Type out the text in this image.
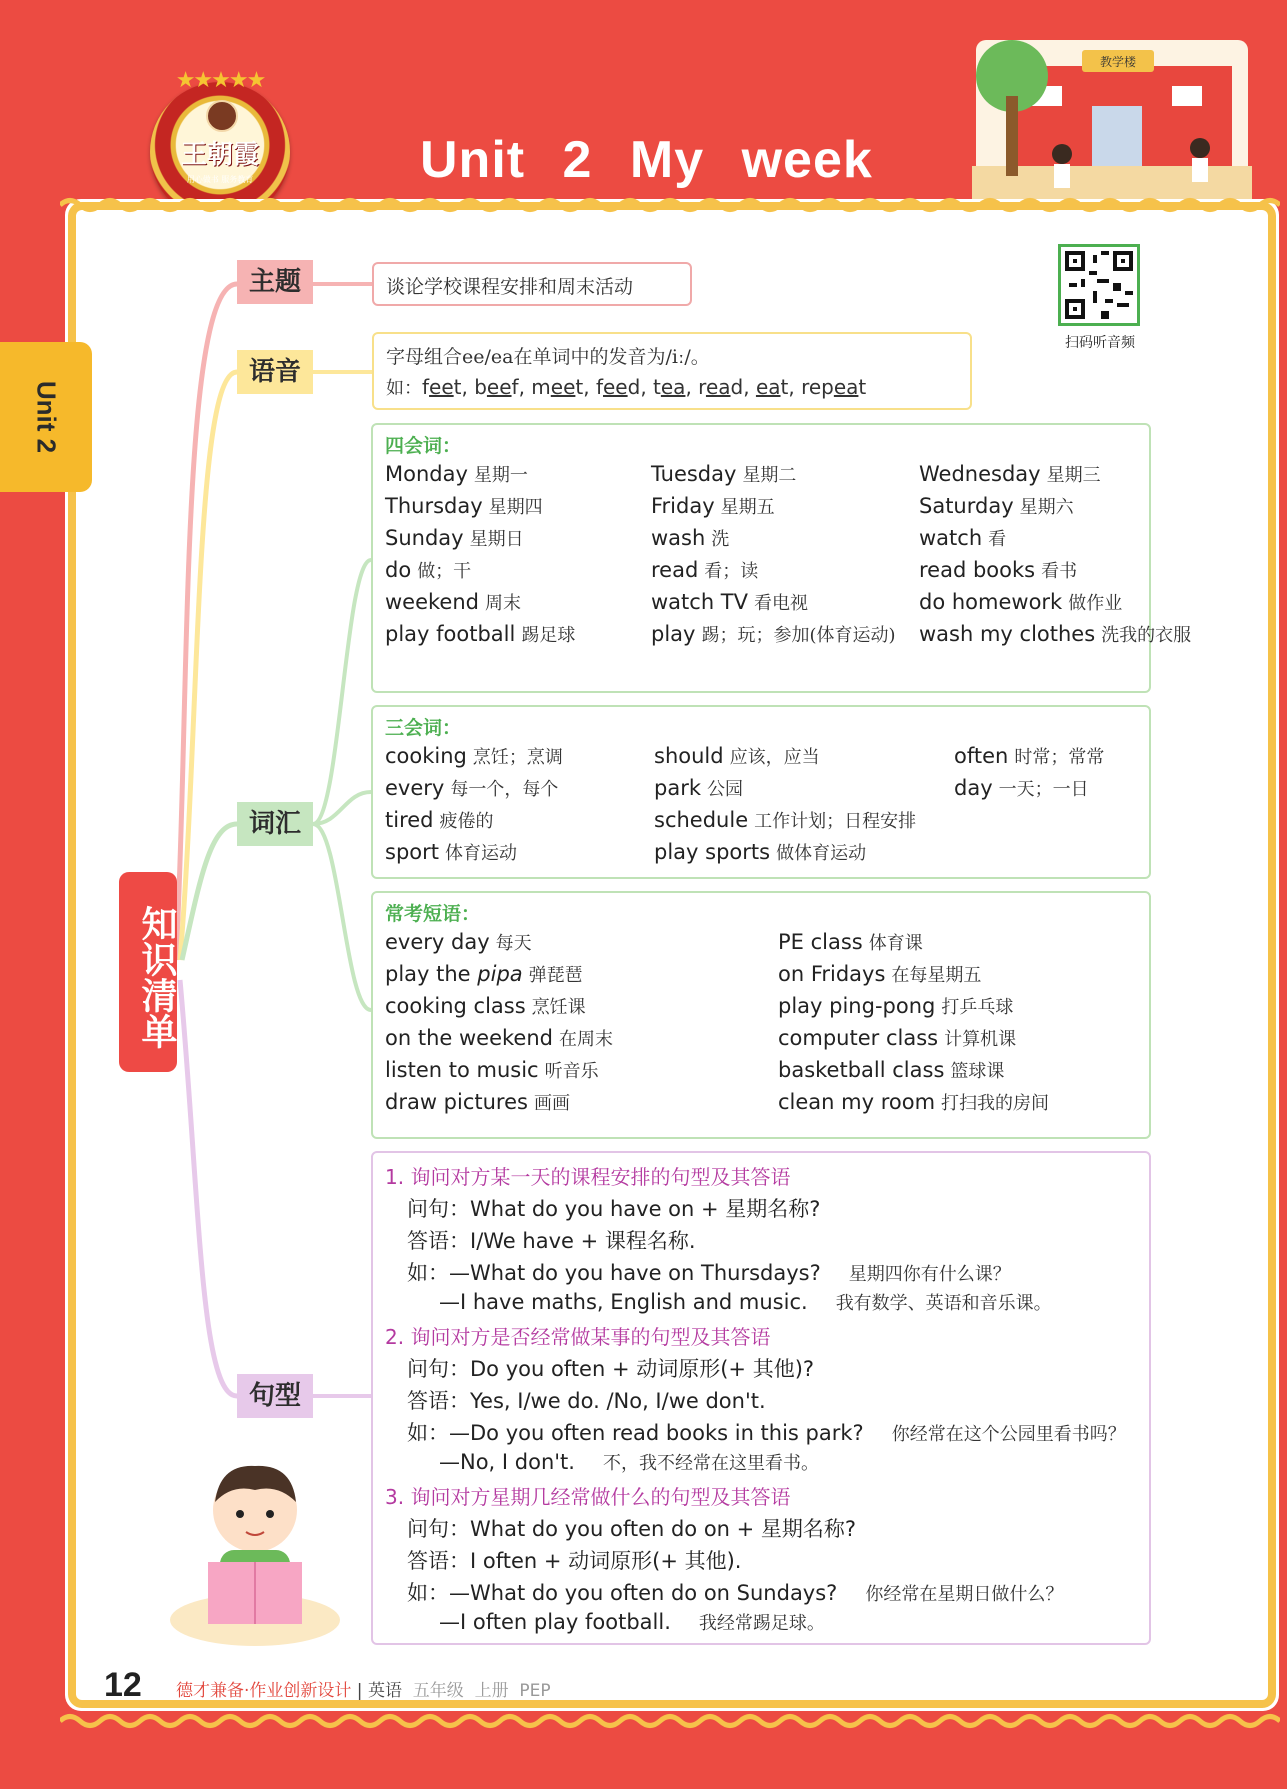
★★★★★
王朝霞
用心做书 服务教育	Unit 2 My week
教学楼
Unit 2
知识清单
主题
语音
词汇
句型
谈论学校课程安排和周末活动
字母组合ee/ea在单词中的发音为/iː/。
如：feet, beef, meet, feed, tea, read, eat, repeat
扫码听音频
四会词：
Monday 星期一	Tuesday 星期二	Wednesday 星期三
Thursday 星期四	Friday 星期五	Saturday 星期六
Sunday 星期日	wash 洗	watch 看
do 做；干	read 看；读	read books 看书
weekend 周末	watch TV 看电视	do homework 做作业
play football 踢足球	play 踢；玩；参加(体育运动) wash my clothes 洗我的衣服
三会词：
cooking 烹饪；烹调	should 应该，应当	often 时常；常常
every 每一个，每个	park 公园	day 一天；一日
tired 疲倦的	schedule 工作计划；日程安排
sport 体育运动	play sports 做体育运动
常考短语：
every day 每天	PE class 体育课
play the pipa 弹琵琶	on Fridays 在每星期五
cooking class 烹饪课	play ping-pong 打乒乓球
on the weekend 在周末	computer class 计算机课
listen to music 听音乐	basketball class 篮球课
draw pictures 画画	clean my room 打扫我的房间
1. 询问对方某一天的课程安排的句型及其答语
问句：What do you have on + 星期名称?
答语：I/We have + 课程名称.
如：—What do you have on Thursdays? 星期四你有什么课？
—I have maths, English and music. 我有数学、英语和音乐课。
2. 询问对方是否经常做某事的句型及其答语
问句：Do you often + 动词原形(+ 其他)?
答语：Yes, I/we do. /No, I/we don't.
如：—Do you often read books in this park? 你经常在这个公园里看书吗？
—No, I don't. 不，我不经常在这里看书。
3. 询问对方星期几经常做什么的句型及其答语
问句：What do you often do on + 星期名称?
答语：I often + 动词原形(+ 其他).
如：—What do you often do on Sundays? 你经常在星期日做什么？
—I often play football. 我经常踢足球。
12 德才兼备·作业创新设计 | 英语 五年级 上册 PEP
